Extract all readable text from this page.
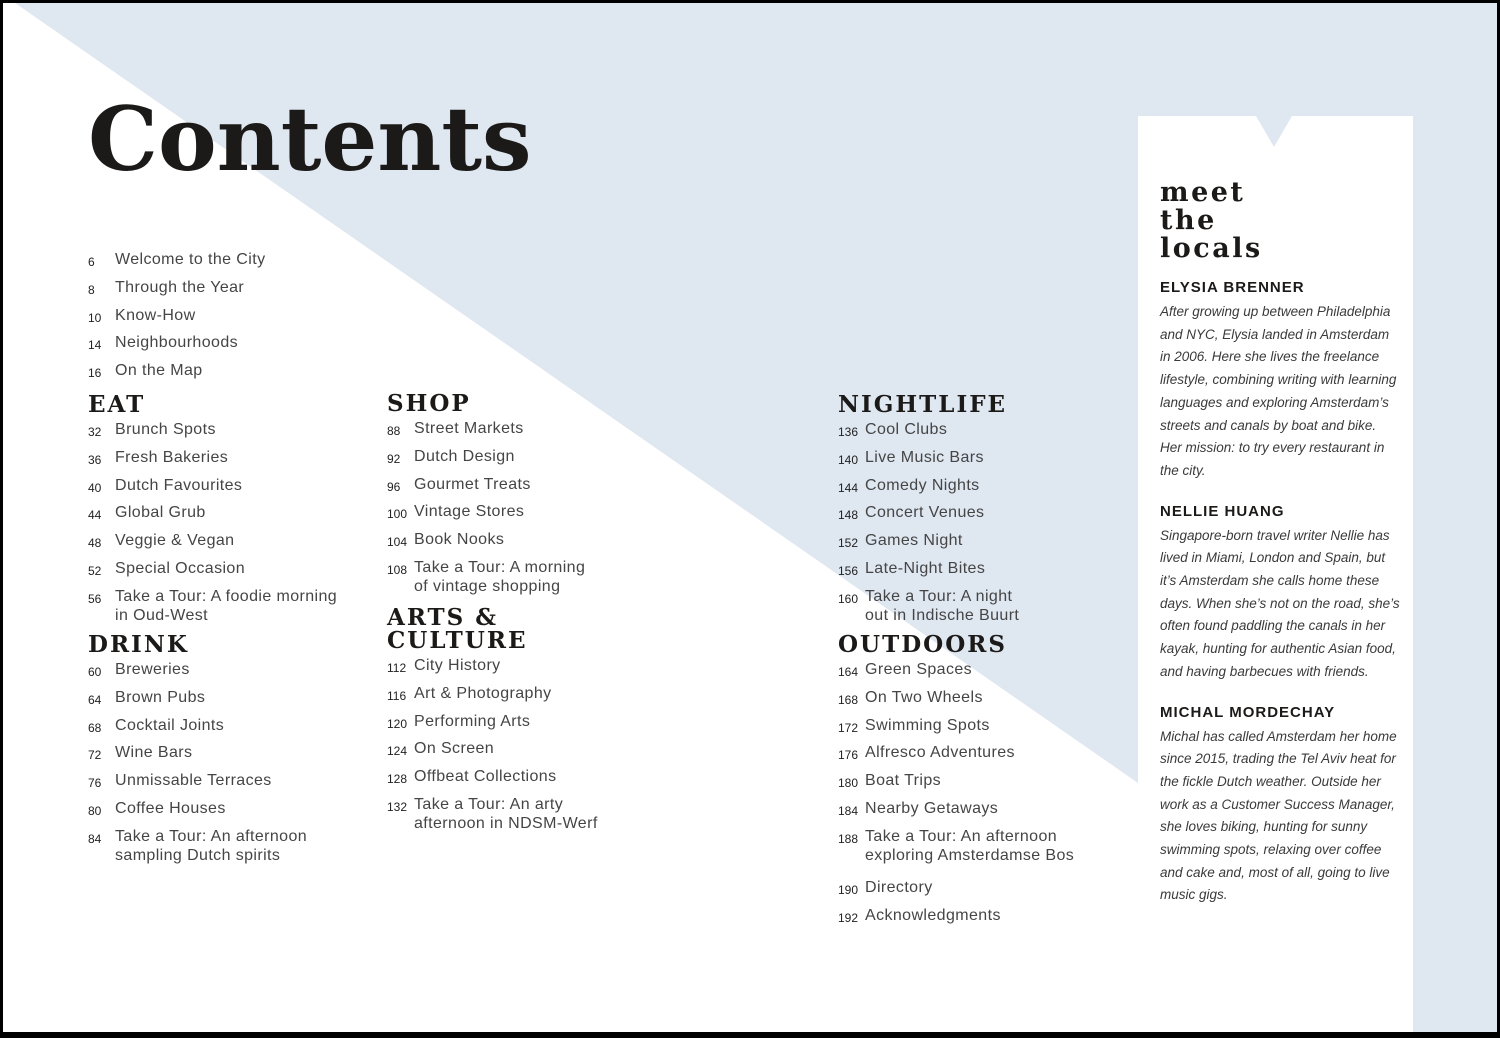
Contents
6	Welcome to the City
8	Through the Year
10 Know-How
14 Neighbourhoods
16 On the Map
EAT
32 Brunch Spots
36 Fresh Bakeries
40 Dutch Favourites
44 Global Grub
48 Veggie & Vegan
52 Special Occasion
56 Take a Tour: A foodie morning
in Oud-West
DRINK
60 Breweries
64 Brown Pubs
68 Cocktail Joints
72 Wine Bars
76 Unmissable Terraces
80 Coffee Houses
84 Take a Tour: An afternoon
sampling Dutch spirits
SHOP
88 Street Markets
92 Dutch Design
96 Gourmet Treats
100 Vintage Stores
104 Book Nooks
108 Take a Tour: A morning
of vintage shopping
ARTS &
CULTURE
112 City History
116 Art & Photography
120 Performing Arts
124 On Screen
128 Offbeat Collections
132 Take a Tour: An arty
afternoon in NDSM-Werf
NIGHTLIFE
136 Cool Clubs
140 Live Music Bars
144 Comedy Nights
148 Concert Venues
152 Games Night
156 Late-Night Bites
160 Take a Tour: A night
out in Indische Buurt
OUTDOORS
164 Green Spaces
168 On Two Wheels
172 Swimming Spots
176 Alfresco Adventures
180 Boat Trips
184 Nearby Getaways
188 Take a Tour: An afternoon
exploring Amsterdamse Bos
190 Directory
192 Acknowledgments
meet
the
locals
ELYSIA BRENNER

After growing up between Philadelphia and NYC, Elysia landed in Amsterdam in 2006. Here she lives the freelance lifestyle, combining writing with learning languages and exploring Amsterdam’s streets and canals by boat and bike. Her mission: to try every restaurant in the city.

NELLIE HUANG

Singapore-born travel writer Nellie has lived in Miami, London and Spain, but it’s Amsterdam she calls home these days. When she’s not on the road, she’s often found paddling the canals in her kayak, hunting for authentic Asian food, and having barbecues with friends.

MICHAL MORDECHAY

Michal has called Amsterdam her home since 2015, trading the Tel Aviv heat for the fickle Dutch weather. Outside her work as a Customer Success Manager, she loves biking, hunting for sunny swimming spots, relaxing over coffee and cake and, most of all, going to live music gigs.
